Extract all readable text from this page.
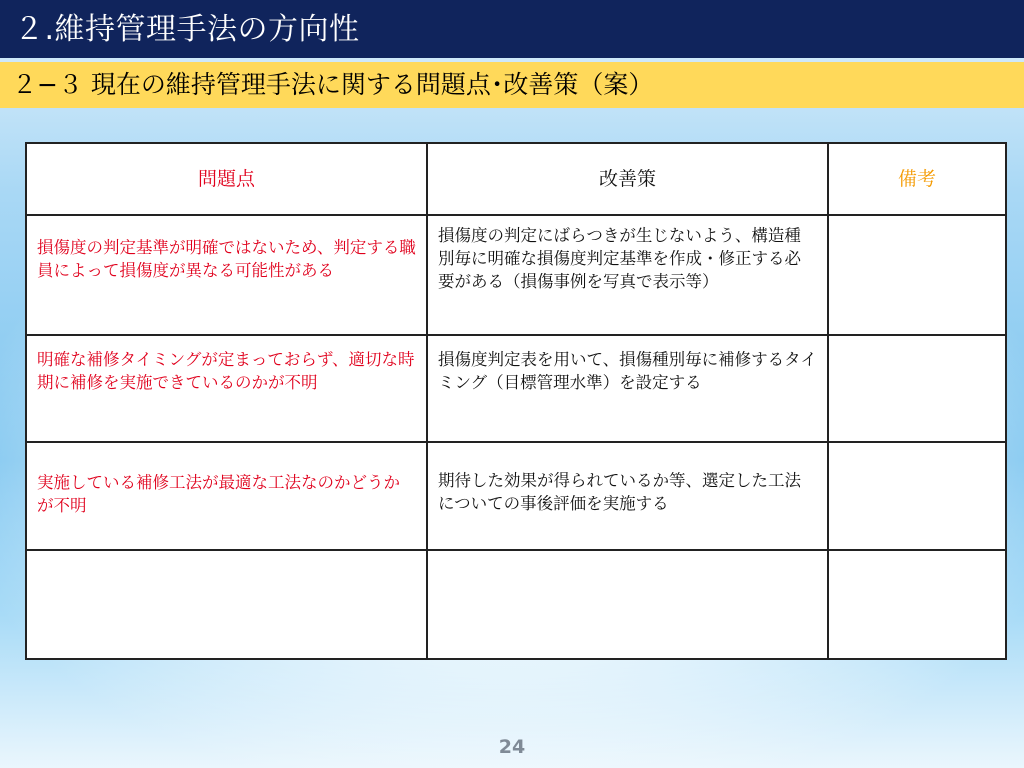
２.維持管理手法の方向性
２−３ 現在の維持管理手法に関する問題点･改善策（案）
問題点	改善策	備考
損傷度の判定基準が明確ではないため、判定する職員によって損傷度が異なる可能性がある	損傷度の判定にばらつきが生じないよう、構造種別毎に明確な損傷度判定基準を作成・修正する必要がある（損傷事例を写真で表示等）	
明確な補修タイミングが定まっておらず、適切な時期に補修を実施できているのかが不明	損傷度判定表を用いて、損傷種別毎に補修するタイミング（目標管理水準）を設定する	
実施している補修工法が最適な工法なのかどうかが不明	期待した効果が得られているか等、選定した工法についての事後評価を実施する	

24
